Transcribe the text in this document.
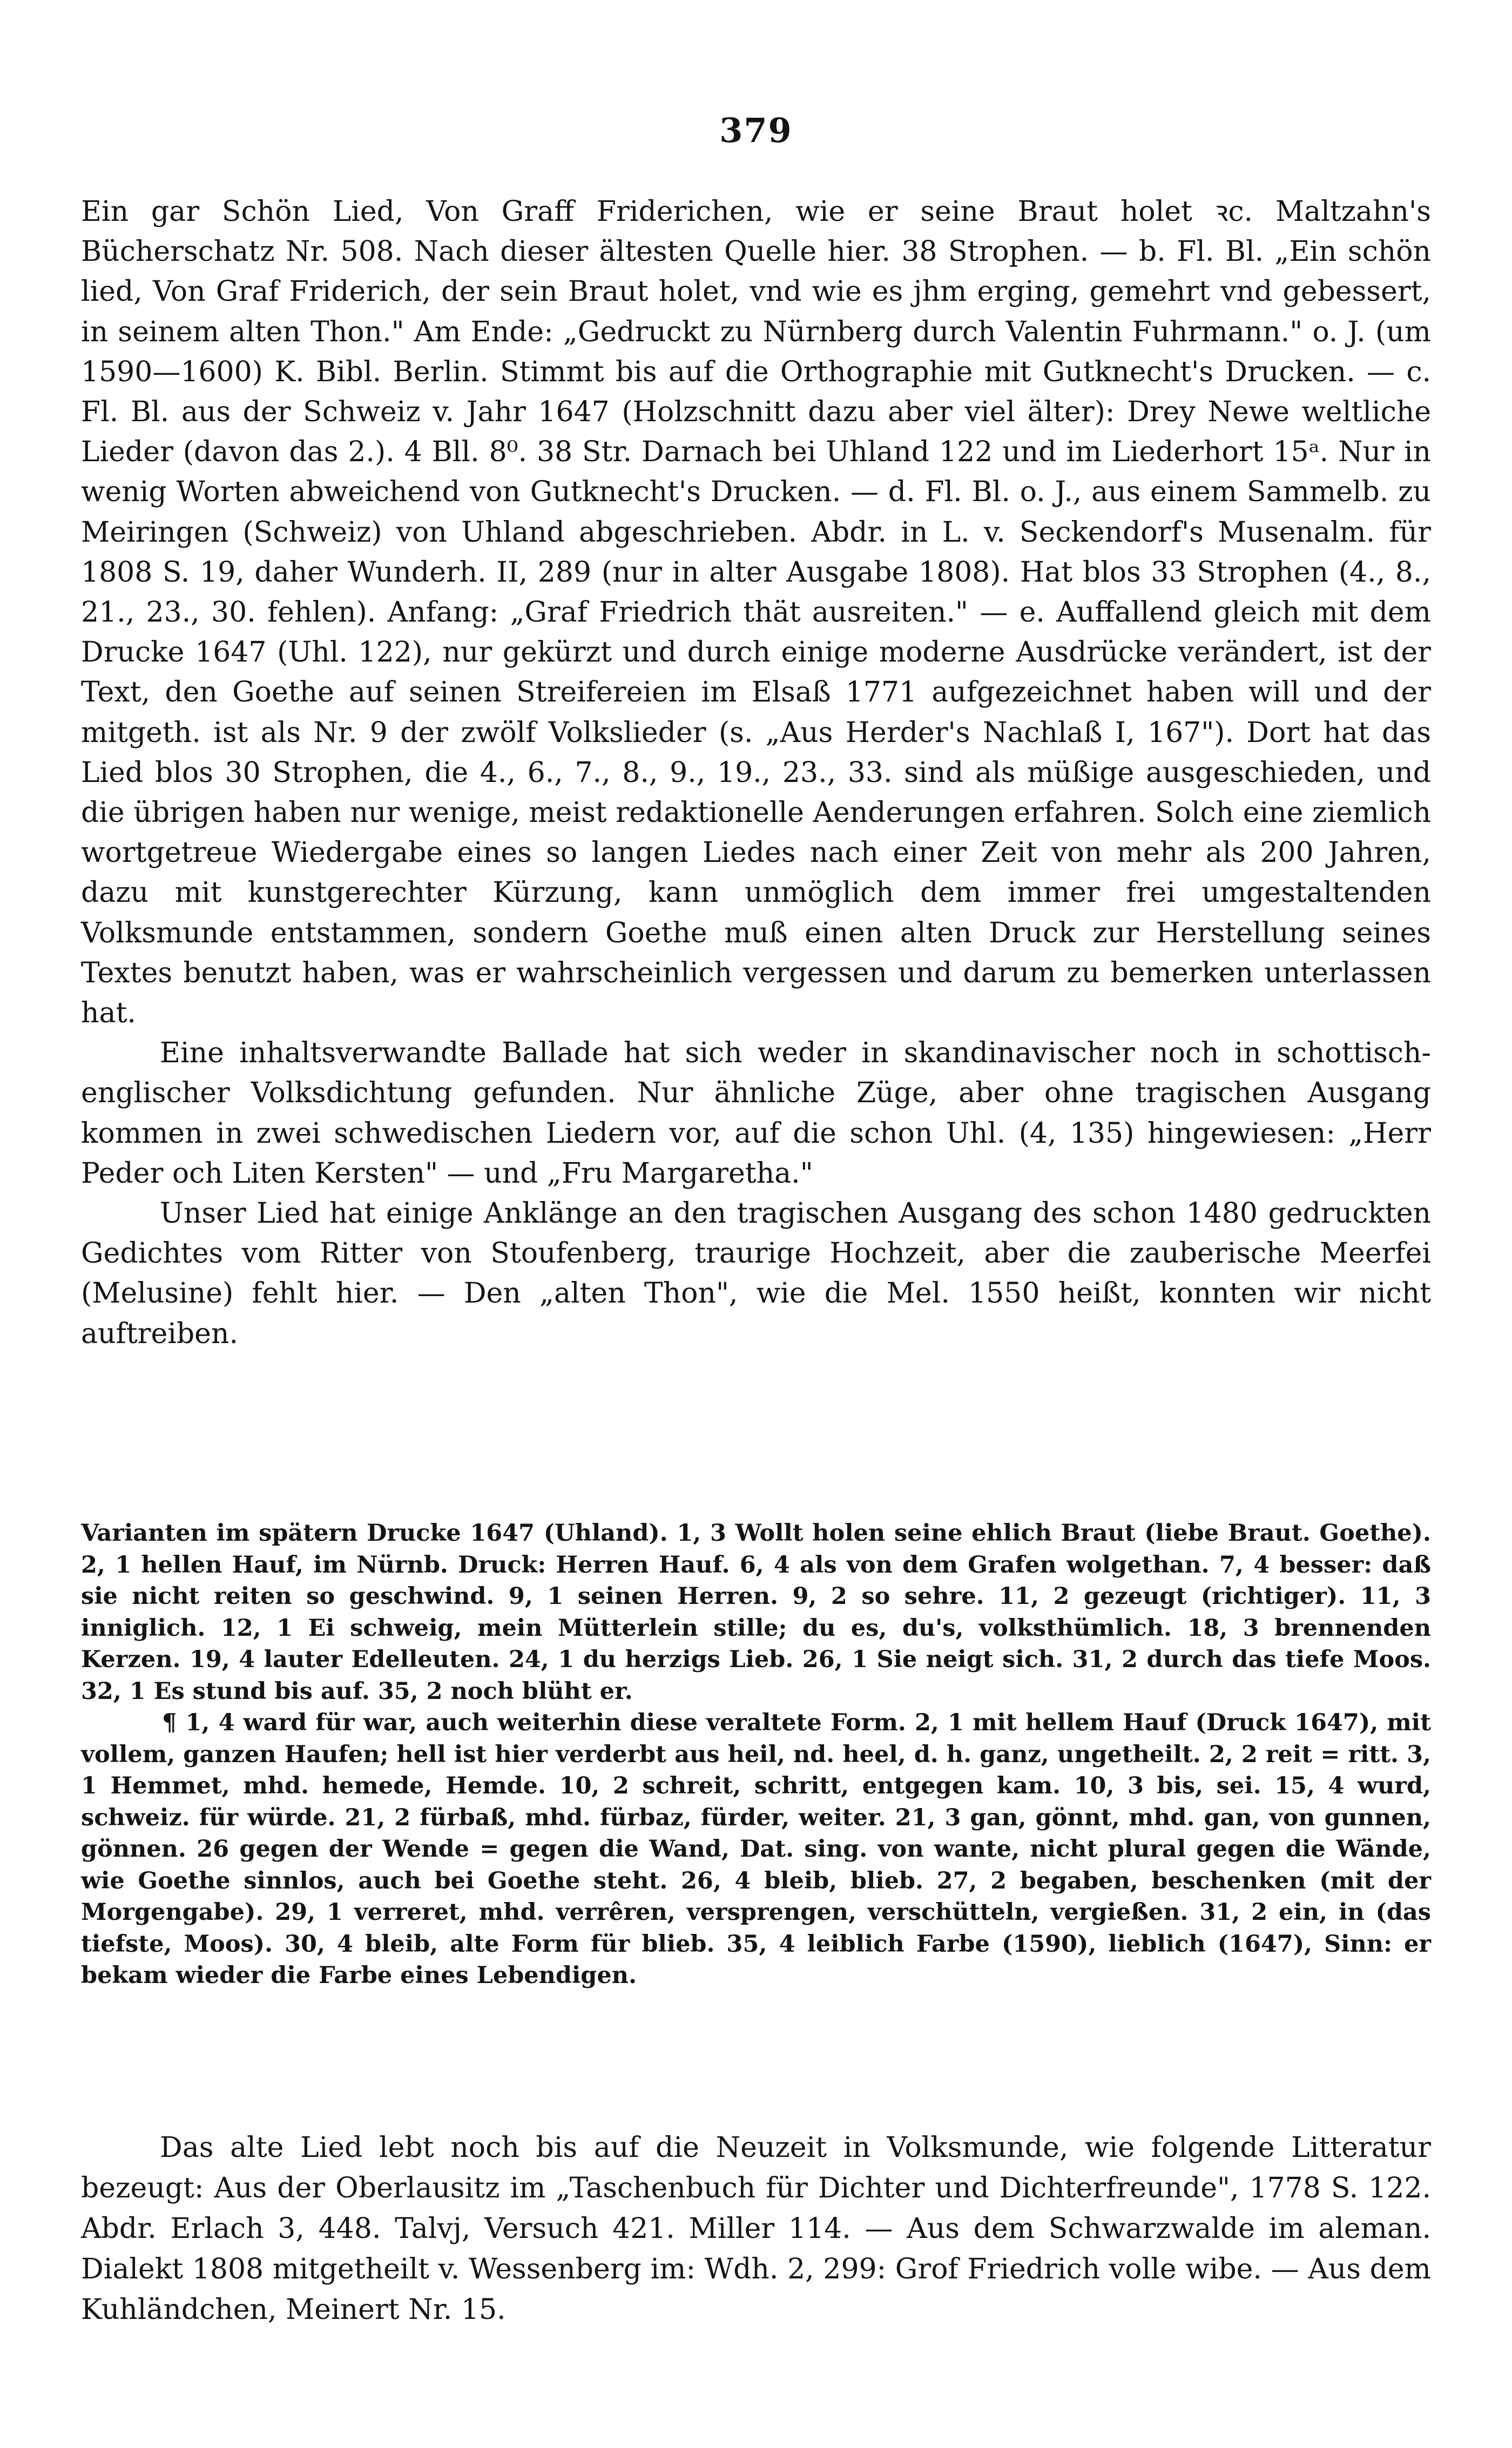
379

Ein gar Schön Lied, Von Graff Friderichen, wie er seine Braut holet ꝛc. Maltzahn's Bücherschatz Nr. 508. Nach dieser ältesten Quelle hier. 38 Strophen. — b. Fl. Bl. „Ein schön lied, Von Graf Friderich, der sein Braut holet, vnd wie es jhm erging, gemehrt vnd gebessert, in seinem alten Thon." Am Ende: „Gedruckt zu Nürnberg durch Valentin Fuhrmann." o. J. (um 1590—1600) K. Bibl. Berlin. Stimmt bis auf die Orthographie mit Gutknecht's Drucken. — c. Fl. Bl. aus der Schweiz v. Jahr 1647 (Holzschnitt dazu aber viel älter): Drey Newe weltliche Lieder (davon das 2.). 4 Bll. 8⁰. 38 Str. Darnach bei Uhland 122 und im Liederhort 15ᵃ. Nur in wenig Worten abweichend von Gutknecht's Drucken. — d. Fl. Bl. o. J., aus einem Sammelb. zu Meiringen (Schweiz) von Uhland abgeschrieben. Abdr. in L. v. Seckendorf's Musenalm. für 1808 S. 19, daher Wunderh. II, 289 (nur in alter Ausgabe 1808). Hat blos 33 Strophen (4., 8., 21., 23., 30. fehlen). Anfang: „Graf Friedrich thät ausreiten." — e. Auffallend gleich mit dem Drucke 1647 (Uhl. 122), nur gekürzt und durch einige moderne Ausdrücke verändert, ist der Text, den Goethe auf seinen Streifereien im Elsaß 1771 aufgezeichnet haben will und der mitgeth. ist als Nr. 9 der zwölf Volkslieder (s. „Aus Herder's Nachlaß I, 167"). Dort hat das Lied blos 30 Strophen, die 4., 6., 7., 8., 9., 19., 23., 33. sind als müßige ausgeschieden, und die übrigen haben nur wenige, meist redaktionelle Aenderungen erfahren. Solch eine ziemlich wortgetreue Wiedergabe eines so langen Liedes nach einer Zeit von mehr als 200 Jahren, dazu mit kunstgerechter Kürzung, kann unmöglich dem immer frei umgestaltenden Volksmunde entstammen, sondern Goethe muß einen alten Druck zur Herstellung seines Textes benutzt haben, was er wahrscheinlich vergessen und darum zu bemerken unterlassen hat.

Eine inhaltsverwandte Ballade hat sich weder in skandinavischer noch in schottisch-englischer Volksdichtung gefunden. Nur ähnliche Züge, aber ohne tragischen Ausgang kommen in zwei schwedischen Liedern vor, auf die schon Uhl. (4, 135) hingewiesen: „Herr Peder och Liten Kersten" — und „Fru Margaretha."

Unser Lied hat einige Anklänge an den tragischen Ausgang des schon 1480 gedruckten Gedichtes vom Ritter von Stoufenberg, traurige Hochzeit, aber die zauberische Meerfei (Melusine) fehlt hier. — Den „alten Thon", wie die Mel. 1550 heißt, konnten wir nicht auftreiben.

Varianten im spätern Drucke 1647 (Uhland). 1, 3 Wollt holen seine ehlich Braut (liebe Braut. Goethe). 2, 1 hellen Hauf, im Nürnb. Druck: Herren Hauf. 6, 4 als von dem Grafen wolgethan. 7, 4 besser: daß sie nicht reiten so geschwind. 9, 1 seinen Herren. 9, 2 so sehre. 11, 2 gezeugt (richtiger). 11, 3 inniglich. 12, 1 Ei schweig, mein Mütterlein stille; du es, du's, volksthümlich. 18, 3 brennenden Kerzen. 19, 4 lauter Edelleuten. 24, 1 du herzigs Lieb. 26, 1 Sie neigt sich. 31, 2 durch das tiefe Moos. 32, 1 Es stund bis auf. 35, 2 noch blüht er.

¶ 1, 4 ward für war, auch weiterhin diese veraltete Form. 2, 1 mit hellem Hauf (Druck 1647), mit vollem, ganzen Haufen; hell ist hier verderbt aus heil, nd. heel, d. h. ganz, ungetheilt. 2, 2 reit = ritt. 3, 1 Hemmet, mhd. hemede, Hemde. 10, 2 schreit, schritt, entgegen kam. 10, 3 bis, sei. 15, 4 wurd, schweiz. für würde. 21, 2 fürbaß, mhd. fürbaz, fürder, weiter. 21, 3 gan, gönnt, mhd. gan, von gunnen, gönnen. 26 gegen der Wende = gegen die Wand, Dat. sing. von wante, nicht plural gegen die Wände, wie Goethe sinnlos, auch bei Goethe steht. 26, 4 bleib, blieb. 27, 2 begaben, beschenken (mit der Morgengabe). 29, 1 verreret, mhd. verrêren, versprengen, verschütteln, vergießen. 31, 2 ein, in (das tiefste, Moos). 30, 4 bleib, alte Form für blieb. 35, 4 leiblich Farbe (1590), lieblich (1647), Sinn: er bekam wieder die Farbe eines Lebendigen.

Das alte Lied lebt noch bis auf die Neuzeit in Volksmunde, wie folgende Litteratur bezeugt: Aus der Oberlausitz im „Taschenbuch für Dichter und Dichterfreunde", 1778 S. 122. Abdr. Erlach 3, 448. Talvj, Versuch 421. Miller 114. — Aus dem Schwarzwalde im aleman. Dialekt 1808 mitgetheilt v. Wessenberg im: Wdh. 2, 299: Grof Friedrich volle wibe. — Aus dem Kuhländchen, Meinert Nr. 15.
